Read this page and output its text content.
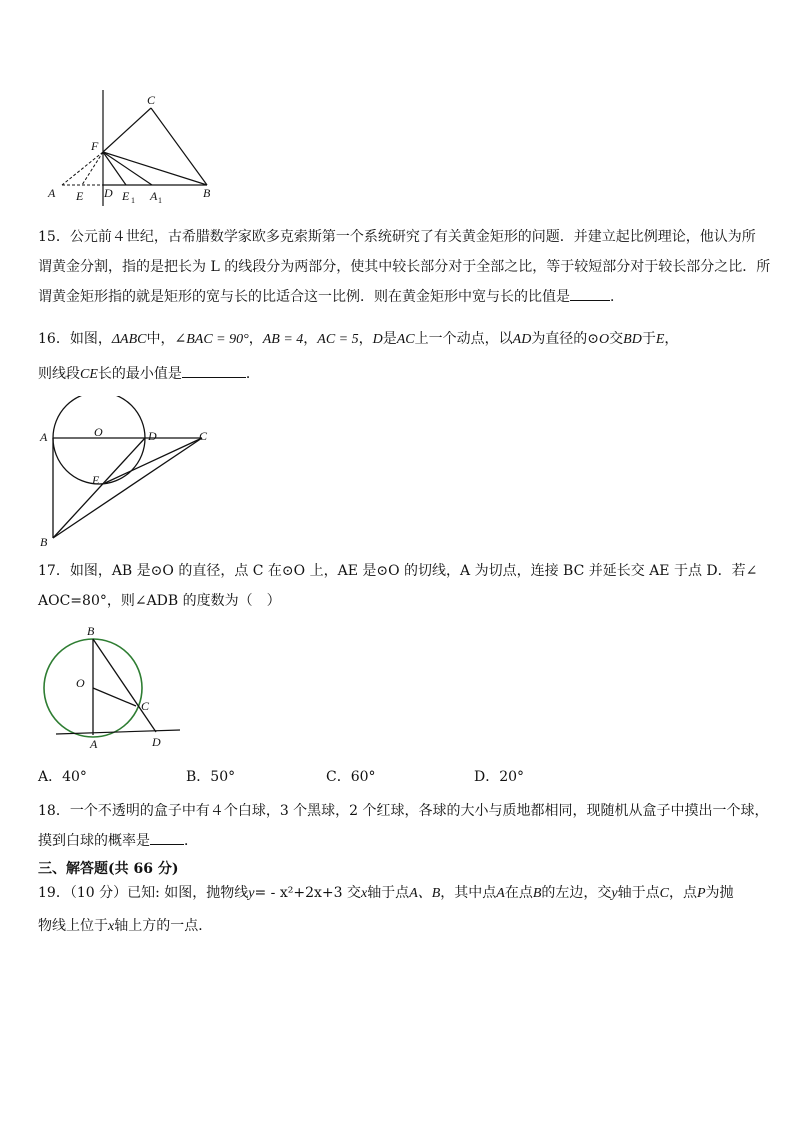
C
F
A E D E 1 A 1
B
15．公元前４世纪，古希腊数学家欧多克索斯第一个系统研究了有关黄金矩形的问题．并建立起比例理论，他认为所
谓黄金分割，指的是把长为 L 的线段分为两部分，使其中较长部分对于全部之比，等于较短部分对于较长部分之比．所
谓黄金矩形指的就是矩形的宽与长的比适合这一比例．则在黄金矩形中宽与长的比值是	．
16．如图，ΔABC中，∠BAC = 90°，AB = 4，AC = 5，D是AC上一个动点，以AD为直径的⊙O交BD于E，
则线段CE长的最小值是	．
A	O	D	C
E
B
17．如图，AB 是⊙O 的直径，点 C 在⊙O 上，AE 是⊙O 的切线，A 为切点，连接 BC 并延长交 AE 于点 D．若∠
AOC=80°，则∠ADB 的度数为（　）
B
O
C
A	D
A．40°	B．50°	C．60°	D．20°
18．一个不透明的盒子中有４个白球，3 个黑球，2 个红球，各球的大小与质地都相同，现随机从盒子中摸出一个球，
摸到白球的概率是 ．
三、解答题(共 66 分)
19．（10 分）已知: 如图，抛物线y= - x²+2x+3 交x轴于点A、B，其中点A在点B的左边，交y轴于点C，点P为抛
物线上位于x轴上方的一点．
